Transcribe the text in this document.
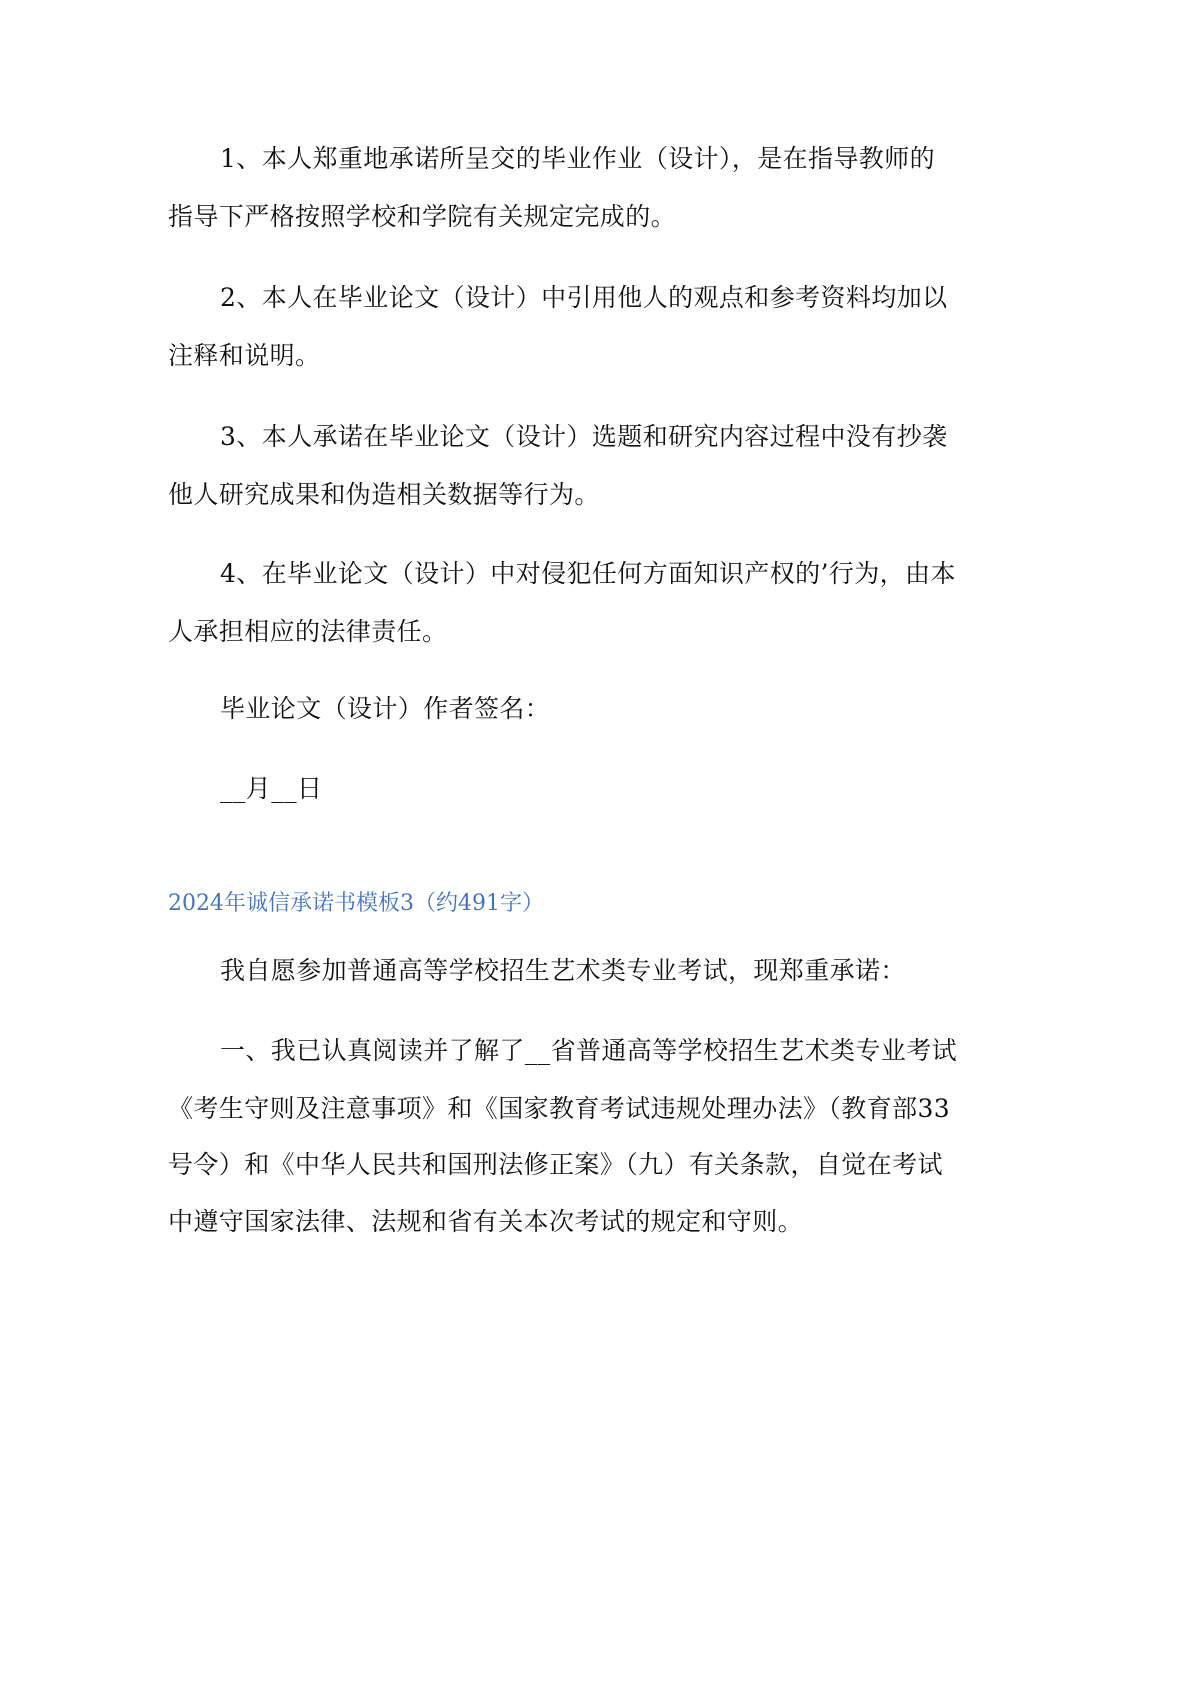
1、本人郑重地承诺所呈交的毕业作业（设计），是在指导教师的
指导下严格按照学校和学院有关规定完成的。
2、本人在毕业论文（设计）中引用他人的观点和参考资料均加以
注释和说明。
3、本人承诺在毕业论文（设计）选题和研究内容过程中没有抄袭
他人研究成果和伪造相关数据等行为。
4、在毕业论文（设计）中对侵犯任何方面知识产权的’行为，由本
人承担相应的法律责任。
毕业论文（设计）作者签名：
__月__日
2024年诚信承诺书模板3（约491字）
我自愿参加普通高等学校招生艺术类专业考试，现郑重承诺：
一、我已认真阅读并了解了__省普通高等学校招生艺术类专业考试
《考生守则及注意事项》和《国家教育考试违规处理办法》（教育部33
号令）和《中华人民共和国刑法修正案》（九）有关条款，自觉在考试
中遵守国家法律、法规和省有关本次考试的规定和守则。
